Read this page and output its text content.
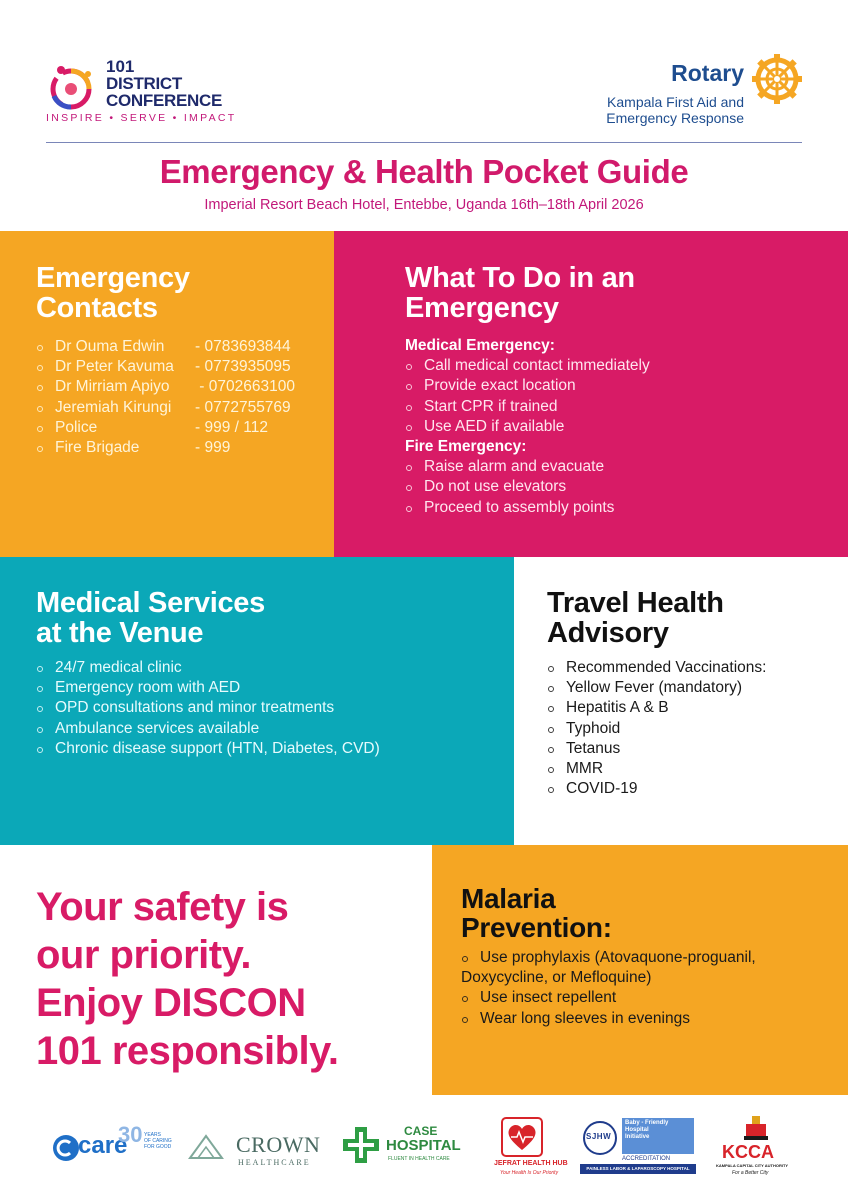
101
DISTRICT
CONFERENCE
INSPIRE • SERVE • IMPACT
Rotary
Kampala First Aid and
Emergency Response
Emergency & Health Pocket Guide
Imperial Resort Beach Hotel, Entebbe, Uganda 16th–18th April 2026
Emergency
Contacts
Dr Ouma Edwin - 0783693844
Dr Peter Kavuma - 0773935095
Dr Mirriam Apiyo - 0702663100
Jeremiah Kirungi - 0772755769
Police	- 999 / 112
Fire Brigade	- 999
What To Do in an
Emergency
Medical Emergency:
Call medical contact immediately
Provide exact location
Start CPR if trained
Use AED if available
Fire Emergency:
Raise alarm and evacuate
Do not use elevators
Proceed to assembly points
Medical Services
at the Venue
24/7 medical clinic
Emergency room with AED
OPD consultations and minor treatments
Ambulance services available
Chronic disease support (HTN, Diabetes, CVD)
Travel Health
Advisory
Recommended Vaccinations:
Yellow Fever (mandatory)
Hepatitis A & B
Typhoid
Tetanus
MMR
COVID-19
Your safety is
our priority.
Enjoy DISCON
101 responsibly.
Malaria
Prevention:
Use prophylaxis (Atovaquone-proguanil, Doxycycline, or Mefloquine)
Use insect repellent
Wear long sleeves in evenings
care
30 YEARS
OF CARING
FOR GOOD	CROWN
HEALTHCARE
CASE
HOSPITAL
FLUENT IN HEALTH CARE
JEFRAT HEALTH HUB
Your Health Is Our Priority
SJHW
Baby - Friendly
Hospital
Initiative
ACCREDITATION
PAINLESS LABOR & LAPAROSCOPY HOSPITAL
KCCA
KAMPALA CAPITAL CITY AUTHORITY
For a Better City
